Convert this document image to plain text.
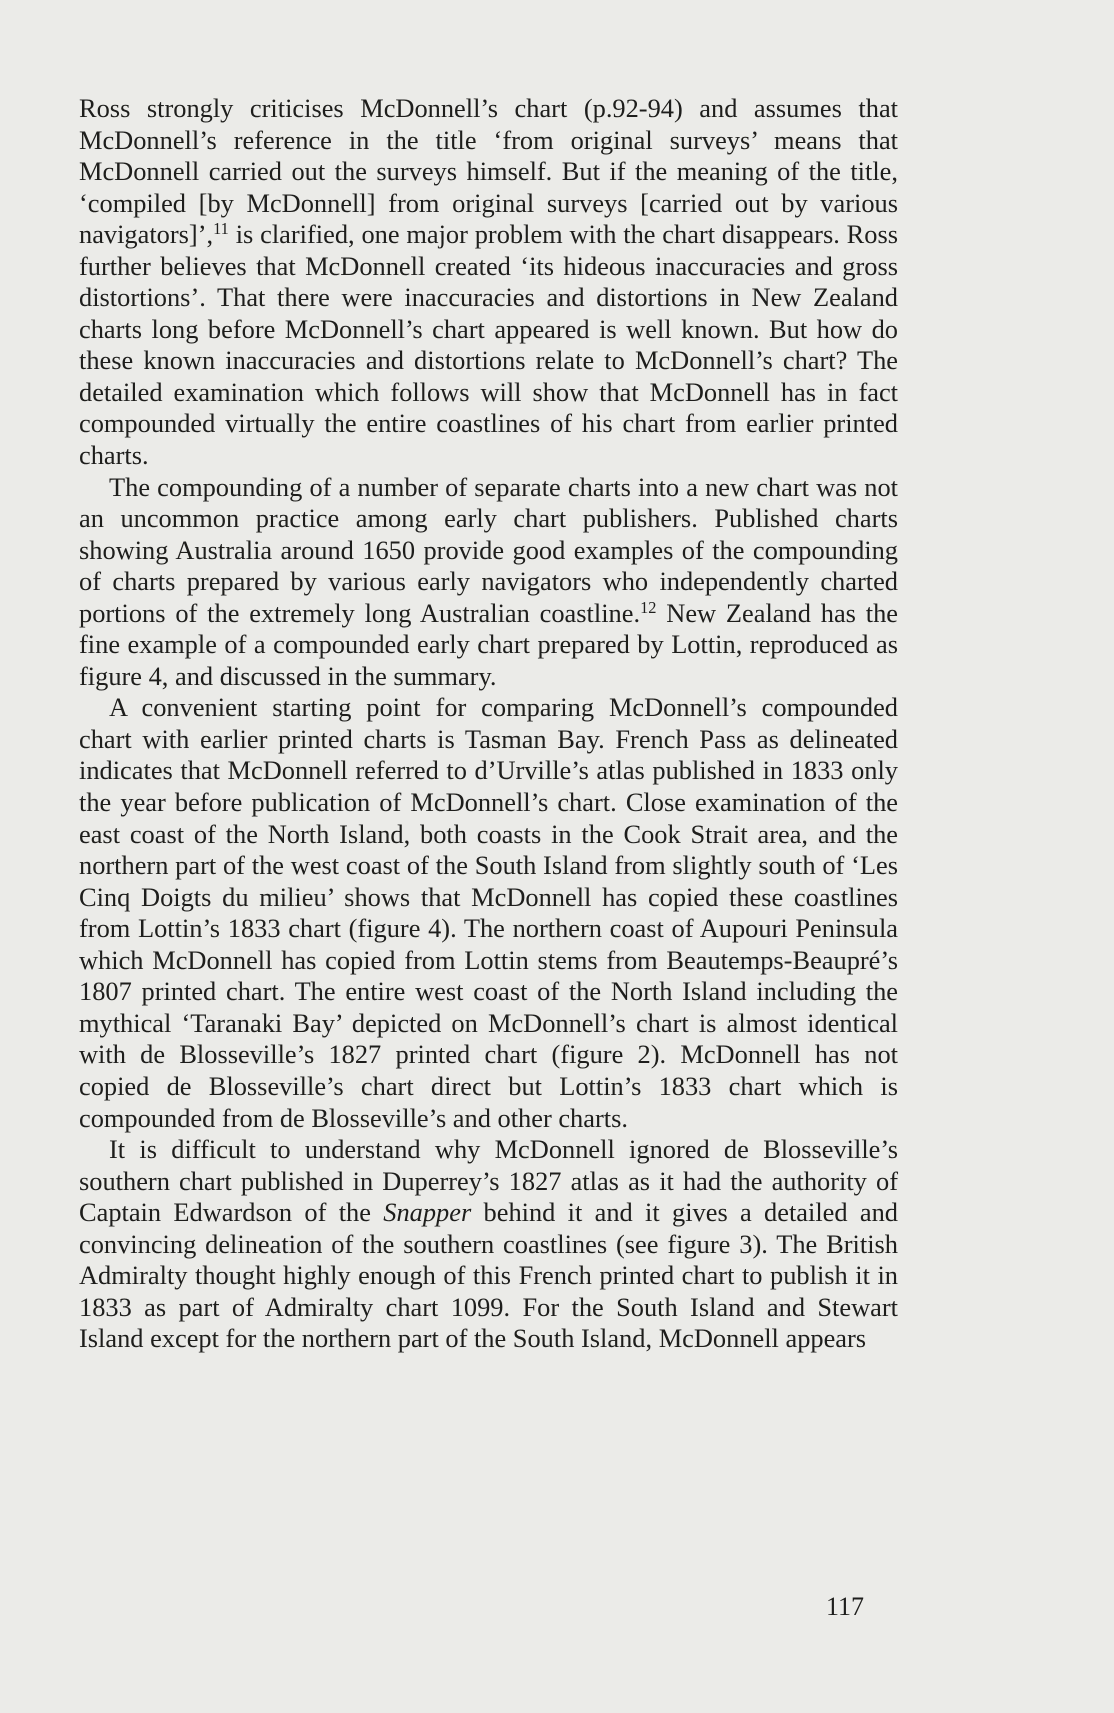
Ross strongly criticises McDonnell’s chart (p.92-94) and assumes that McDonnell’s reference in the title ‘from original surveys’ means that McDonnell carried out the surveys himself. But if the meaning of the title, ‘compiled [by McDonnell] from original surveys [carried out by various navigators]’,$^{11}$ is clarified, one major problem with the chart disappears. Ross further believes that McDonnell created ‘its hideous inaccuracies and gross distortions’. That there were inaccuracies and distortions in New Zealand charts long before McDonnell’s chart appeared is well known. But how do these known inaccuracies and distortions relate to McDonnell’s chart? The detailed examination which follows will show that McDonnell has in fact compounded virtually the entire coastlines of his chart from earlier printed charts.

The compounding of a number of separate charts into a new chart was not an uncommon practice among early chart publishers. Published charts showing Australia around 1650 provide good examples of the compounding of charts prepared by various early navigators who independently charted portions of the extremely long Australian coastline.$^{12}$ New Zealand has the fine example of a compounded early chart prepared by Lottin, reproduced as figure 4, and discussed in the summary.

A convenient starting point for comparing McDonnell’s compounded chart with earlier printed charts is Tasman Bay. French Pass as delineated indicates that McDonnell referred to d’Urville’s atlas published in 1833 only the year before publication of McDonnell’s chart. Close examination of the east coast of the North Island, both coasts in the Cook Strait area, and the northern part of the west coast of the South Island from slightly south of ‘Les Cinq Doigts du milieu’ shows that McDonnell has copied these coastlines from Lottin’s 1833 chart (figure 4). The northern coast of Aupouri Peninsula which McDonnell has copied from Lottin stems from Beautemps-Beaupré’s 1807 printed chart. The entire west coast of the North Island including the mythical ‘Taranaki Bay’ depicted on McDonnell’s chart is almost identical with de Blosseville’s 1827 printed chart (figure 2). McDonnell has not copied de Blosseville’s chart direct but Lottin’s 1833 chart which is compounded from de Blosseville’s and other charts.

It is difficult to understand why McDonnell ignored de Blosseville’s southern chart published in Duperrey’s 1827 atlas as it had the authority of Captain Edwardson of the Snapper behind it and it gives a detailed and convincing delineation of the southern coastlines (see figure 3). The British Admiralty thought highly enough of this French printed chart to publish it in 1833 as part of Admiralty chart 1099. For the South Island and Stewart Island except for the northern part of the South Island, McDonnell appears

117
